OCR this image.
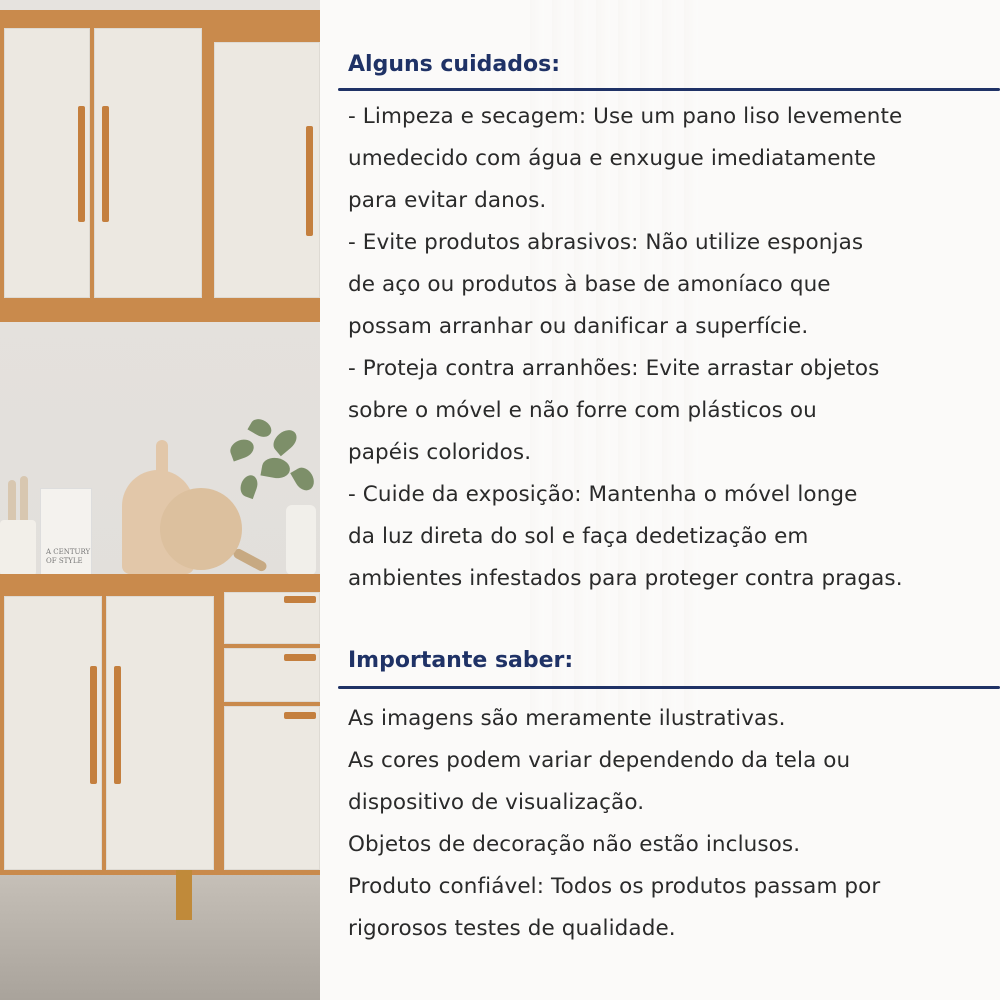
A CENTURY OF STYLE
Alguns cuidados:
- Limpeza e secagem: Use um pano liso levemente
umedecido com água e enxugue imediatamente
para evitar danos.
- Evite produtos abrasivos: Não utilize esponjas
de aço ou produtos à base de amoníaco que
possam arranhar ou danificar a superfície.
- Proteja contra arranhões: Evite arrastar objetos
sobre o móvel e não forre com plásticos ou
papéis coloridos.
- Cuide da exposição: Mantenha o móvel longe
da luz direta do sol e faça dedetização em
ambientes infestados para proteger contra pragas.
Importante saber:
As imagens são meramente ilustrativas.
As cores podem variar dependendo da tela ou
dispositivo de visualização.
Objetos de decoração não estão inclusos.
Produto confiável: Todos os produtos passam por
rigorosos testes de qualidade.
